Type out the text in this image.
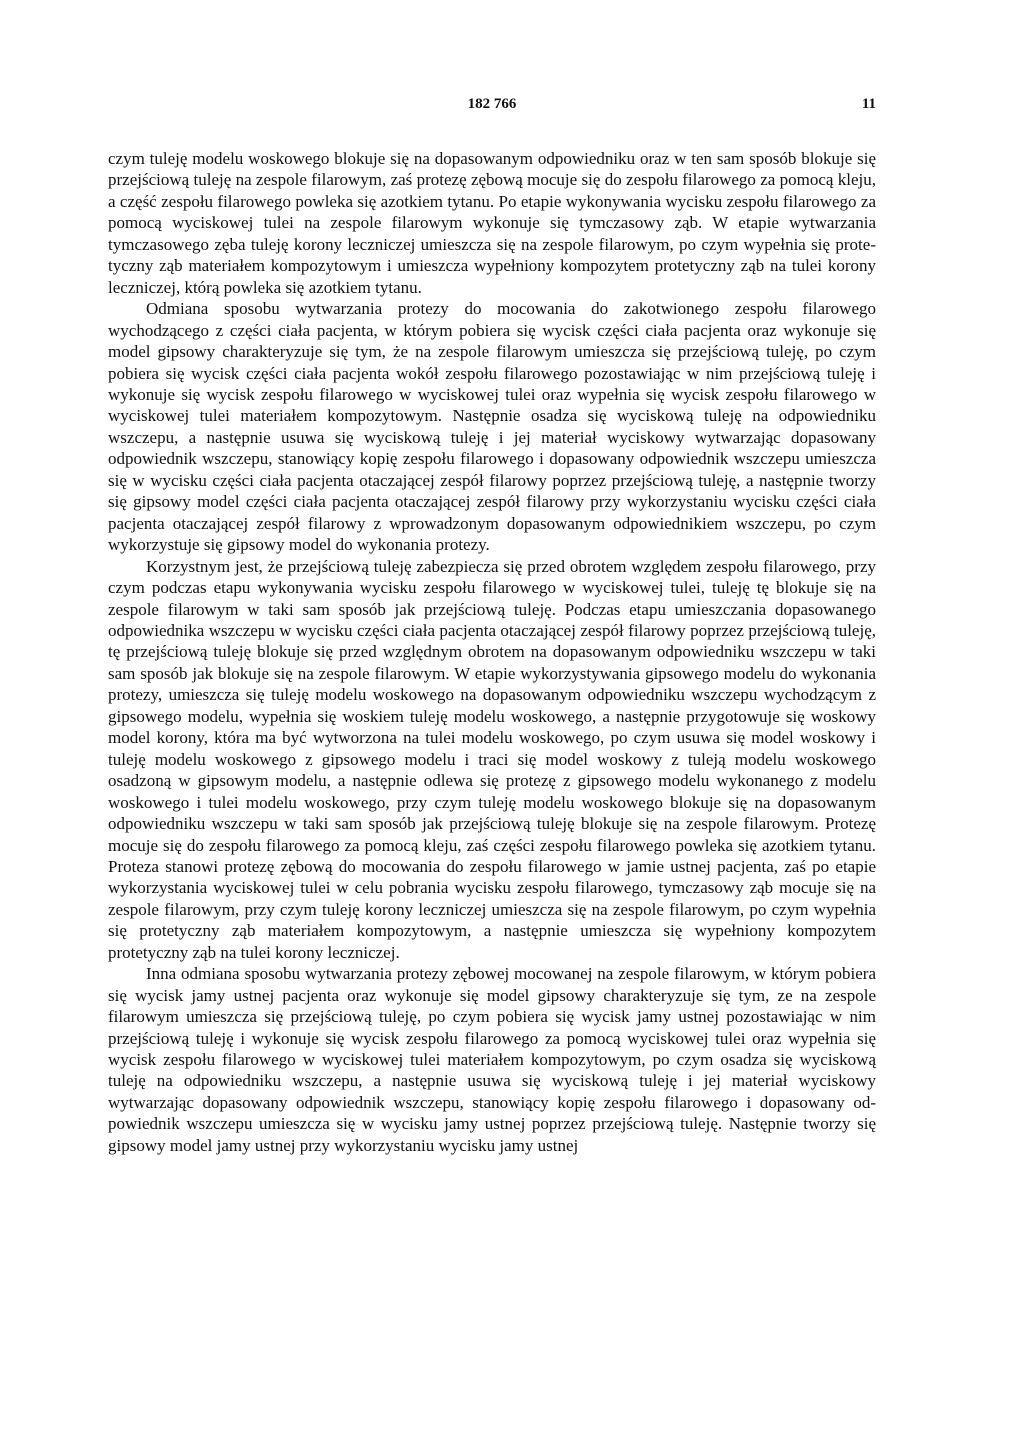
182 766	11

czym tuleję modelu woskowego blokuje się na dopasowanym odpowiedniku oraz w ten sam sposób blokuje się przejściową tuleję na zespole filarowym, zaś protezę zębową mocuje się do zespołu filarowego za pomocą kleju, a część zespołu filarowego powleka się azotkiem tytanu. Po etapie wykonywania wycisku zespołu filarowego za pomocą wyciskowej tulei na zespole filarowym wykonuje się tymczasowy ząb. W etapie wytwarzania tymczasowego zęba tuleję korony leczniczej umieszcza się na zespole filarowym, po czym wypełnia się protetyczny ząb materiałem kompozytowym i umieszcza wypełniony kompozytem protetyczny ząb na tulei korony leczniczej, którą powleka się azotkiem tytanu.

Odmiana sposobu wytwarzania protezy do mocowania do zakotwionego zespołu filarowego wychodzącego z części ciała pacjenta, w którym pobiera się wycisk części ciała pacjenta oraz wykonuje się model gipsowy charakteryzuje się tym, że na zespole filarowym umieszcza się przejściową tuleję, po czym pobiera się wycisk części ciała pacjenta wokół zespołu filarowego pozostawiając w nim przejściową tuleję i wykonuje się wycisk zespołu filarowego w wyciskowej tulei oraz wypełnia się wycisk zespołu filarowego w wyciskowej tulei materiałem kompozytowym. Następnie osadza się wyciskową tuleję na odpowiedniku wszczepu, a następnie usuwa się wyciskową tuleję i jej materiał wyciskowy wytwarzając dopasowany odpowiednik wszczepu, stanowiący kopię zespołu filarowego i dopasowany odpowiednik wszczepu umieszcza się w wycisku części ciała pacjenta otaczającej zespół filarowy poprzez przejściową tuleję, a następnie tworzy się gipsowy model części ciała pacjenta otaczającej zespół filarowy przy wykorzystaniu wycisku części ciała pacjenta otaczającej zespół filarowy z wprowadzonym dopasowanym odpowiednikiem wszczepu, po czym wykorzystuje się gipsowy model do wykonania protezy.

Korzystnym jest, że przejściową tuleję zabezpiecza się przed obrotem względem zespołu filarowego, przy czym podczas etapu wykonywania wycisku zespołu filarowego w wyciskowej tulei, tuleję tę blokuje się na zespole filarowym w taki sam sposób jak przejściową tuleję. Podczas etapu umieszczania dopasowanego odpowiednika wszczepu w wycisku części ciała pacjenta otaczającej zespół filarowy poprzez przejściową tuleję, tę przejściową tuleję blokuje się przed względnym obrotem na dopasowanym odpowiedniku wszczepu w taki sam sposób jak blokuje się na zespole filarowym. W etapie wykorzystywania gipsowego modelu do wykonania protezy, umieszcza się tuleję modelu woskowego na dopasowanym odpowiedniku wszczepu wychodzącym z gipsowego modelu, wypełnia się woskiem tuleję modelu woskowego, a następnie przygotowuje się woskowy model korony, która ma być wytworzona na tulei modelu woskowego, po czym usuwa się model woskowy i tuleję modelu woskowego z gipsowego modelu i traci się model woskowy z tuleją modelu woskowego osadzoną w gipsowym modelu, a następnie odlewa się protezę z gipsowego modelu wykonanego z modelu woskowego i tulei modelu woskowego, przy czym tuleję modelu woskowego blokuje się na dopasowanym odpowiedniku wszczepu w taki sam sposób jak przejściową tuleję blokuje się na zespole filarowym. Protezę mocuje się do zespołu filarowego za pomocą kleju, zaś części zespołu filarowego powleka się azotkiem tytanu. Proteza stanowi protezę zębową do mocowania do zespołu filarowego w jamie ustnej pacjenta, zaś po etapie wykorzystania wyciskowej tulei w celu pobrania wycisku zespołu filarowego, tymczasowy ząb mocuje się na zespole filarowym, przy czym tuleję korony leczniczej umieszcza się na zespole filarowym, po czym wypełnia się protetyczny ząb materiałem kompozytowym, a następnie umieszcza się wypełniony kompozytem protetyczny ząb na tulei korony leczniczej.

Inna odmiana sposobu wytwarzania protezy zębowej mocowanej na zespole filarowym, w którym pobiera się wycisk jamy ustnej pacjenta oraz wykonuje się model gipsowy charakteryzuje się tym, ze na zespole filarowym umieszcza się przejściową tuleję, po czym pobiera się wycisk jamy ustnej pozostawiając w nim przejściową tuleję i wykonuje się wycisk zespołu filarowego za pomocą wyciskowej tulei oraz wypełnia się wycisk zespołu filarowego w wyciskowej tulei materiałem kompozytowym, po czym osadza się wyciskową tuleję na odpowiedniku wszczepu, a następnie usuwa się wyciskową tuleję i jej materiał wyciskowy wytwarzając dopasowany odpowiednik wszczepu, stanowiący kopię zespołu filarowego i dopasowany odpowiednik wszczepu umieszcza się w wycisku jamy ustnej poprzez przejściową tuleję. Następnie tworzy się gipsowy model jamy ustnej przy wykorzystaniu wycisku jamy ustnej
